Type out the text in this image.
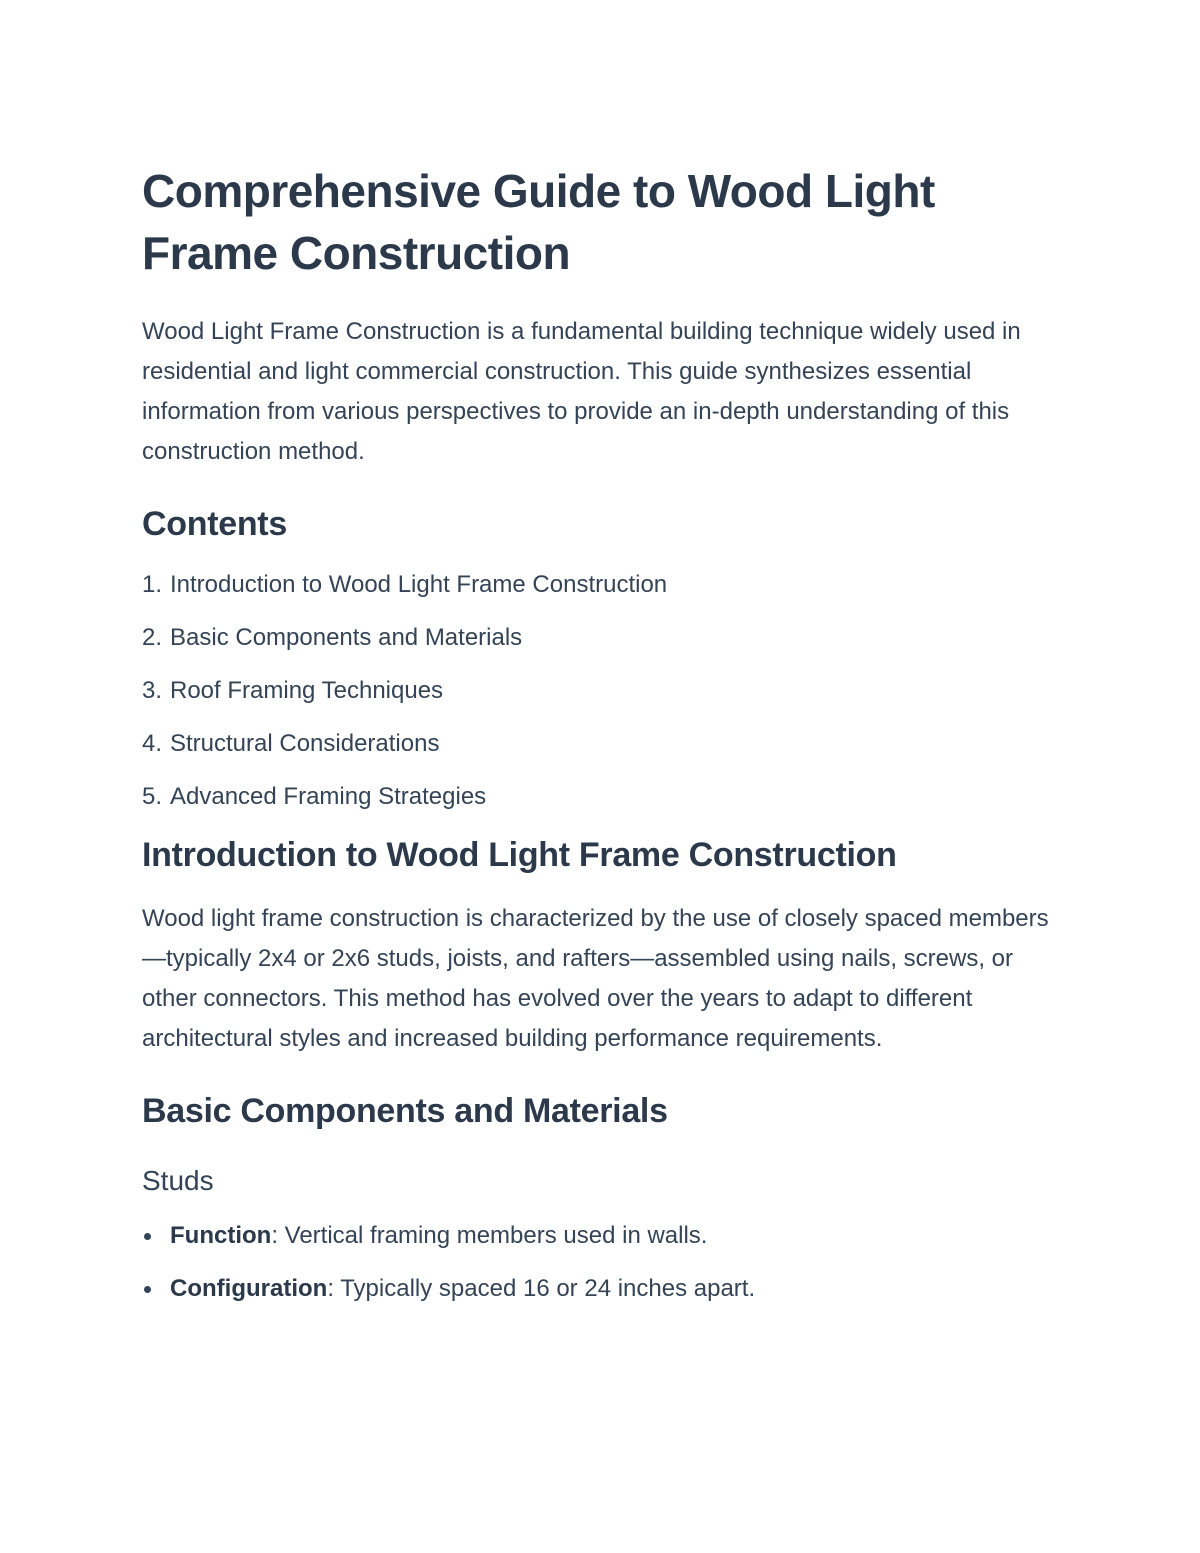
Comprehensive Guide to Wood Light Frame Construction

Wood Light Frame Construction is a fundamental building technique widely used in residential and light commercial construction. This guide synthesizes essential information from various perspectives to provide an in-depth understanding of this construction method.

Contents
1. Introduction to Wood Light Frame Construction
2. Basic Components and Materials
3. Roof Framing Techniques
4. Structural Considerations
5. Advanced Framing Strategies
Introduction to Wood Light Frame Construction

Wood light frame construction is characterized by the use of closely spaced members—typically 2x4 or 2x6 studs, joists, and rafters—assembled using nails, screws, or other connectors. This method has evolved over the years to adapt to different architectural styles and increased building performance requirements.

Basic Components and Materials
Studs
Function: Vertical framing members used in walls.
Configuration: Typically spaced 16 or 24 inches apart.
